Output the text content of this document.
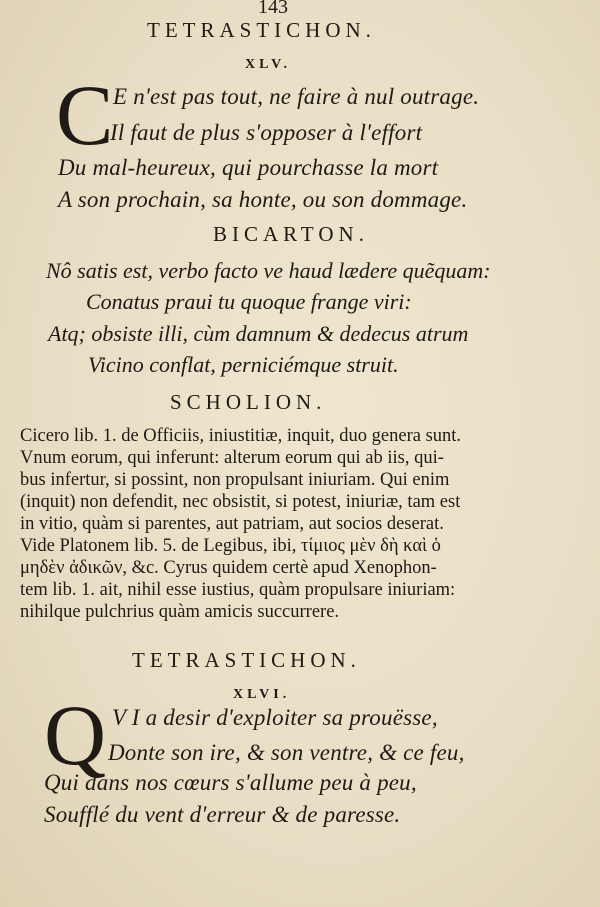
143
TETRASTICHON.
XLV.
C E n'est pas tout, ne faire à nul outrage.
Il faut de plus s'opposer à l'effort
Du mal-heureux, qui pourchasse la mort
A son prochain, sa honte, ou son dommage.
BICARTON.
Nô satis est, verbo facto ve haud lædere quẽquam:
Conatus praui tu quoque frange viri:
Atq; obsiste illi, cùm damnum & dedecus atrum
Vicino conflat, perniciémque struit.
SCHOLION.
Cicero lib. 1. de Officiis, iniustitiæ, inquit, duo genera sunt.
Vnum eorum, qui inferunt: alterum eorum qui ab iis, qui-
bus infertur, si possint, non propulsant iniuriam. Qui enim
(inquit) non defendit, nec obsistit, si potest, iniuriæ, tam est
in vitio, quàm si parentes, aut patriam, aut socios deserat.
Vide Platonem lib. 5. de Legibus, ibi, τίμιος μὲν δὴ καὶ ὁ
μηδὲν ἀδικῶν, &c. Cyrus quidem certè apud Xenophon-
tem lib. 1. ait, nihil esse iustius, quàm propulsare iniuriam:
nihilque pulchrius quàm amicis succurrere.
TETRASTICHON.
XLVI.
Q V I a desir d'exploiter sa prouësse,
Donte son ire, & son ventre, & ce feu,
Qui dans nos cœurs s'allume peu à peu,
Soufflé du vent d'erreur & de paresse.
